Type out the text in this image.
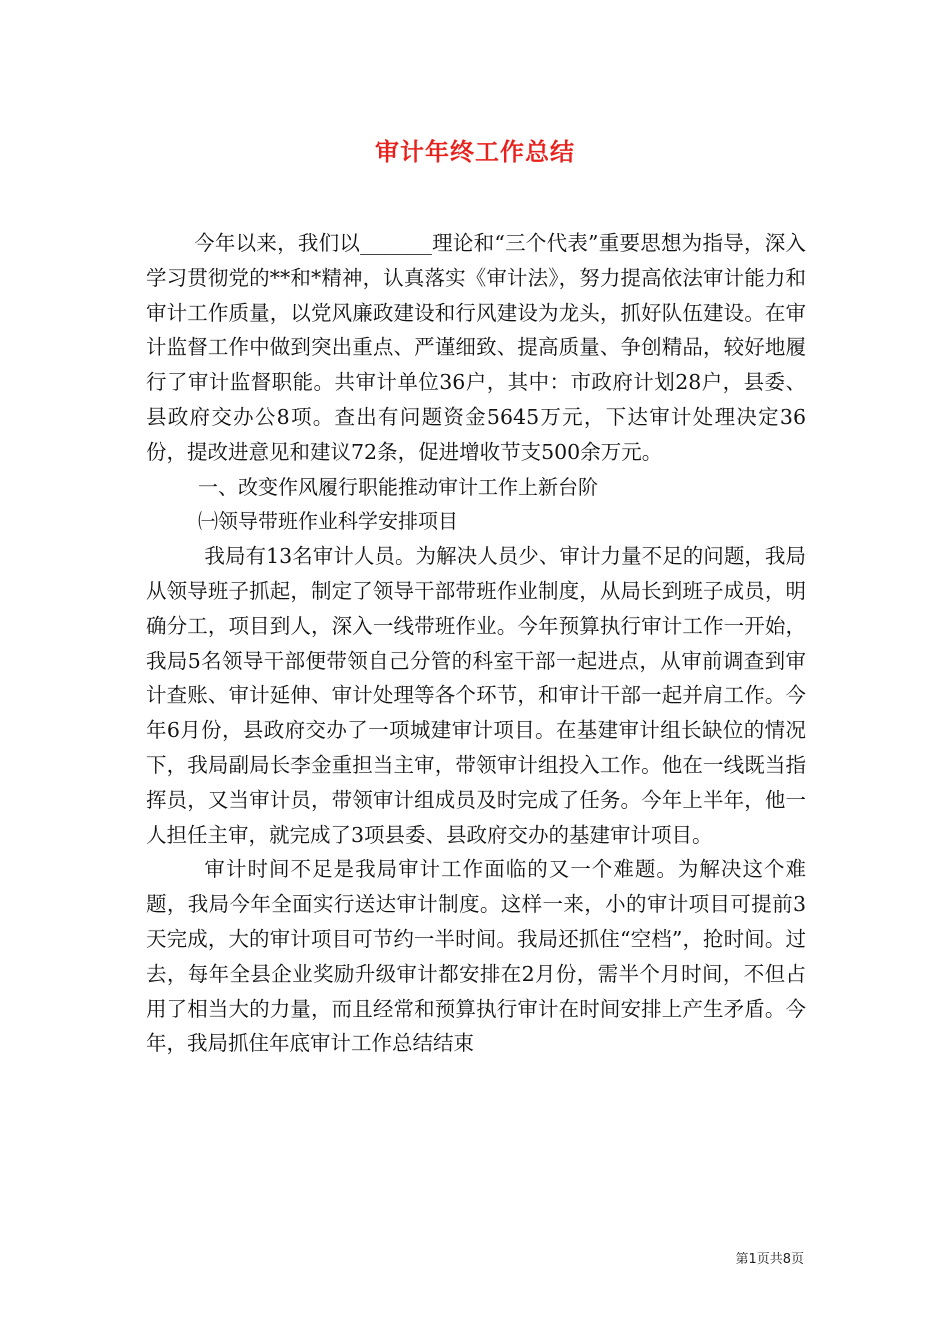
审计年终工作总结

今年以来，我们以_______理论和“三个代表”重要思想为指导，深入学习贯彻党的**和*精神，认真落实《审计法》，努力提高依法审计能力和审计工作质量，以党风廉政建设和行风建设为龙头，抓好队伍建设。在审计监督工作中做到突出重点、严谨细致、提高质量、争创精品，较好地履行了审计监督职能。共审计单位36户，其中：市政府计划28户，县委、县政府交办公8项。查出有问题资金5645万元，下达审计处理决定36份，提改进意见和建议72条，促进增收节支500余万元。

一、改变作风履行职能推动审计工作上新台阶

㈠领导带班作业科学安排项目

我局有13名审计人员。为解决人员少、审计力量不足的问题，我局从领导班子抓起，制定了领导干部带班作业制度，从局长到班子成员，明确分工，项目到人，深入一线带班作业。今年预算执行审计工作一开始，我局5名领导干部便带领自己分管的科室干部一起进点，从审前调查到审计查账、审计延伸、审计处理等各个环节，和审计干部一起并肩工作。今年6月份，县政府交办了一项城建审计项目。在基建审计组长缺位的情况下，我局副局长李金重担当主审，带领审计组投入工作。他在一线既当指挥员，又当审计员，带领审计组成员及时完成了任务。今年上半年，他一人担任主审，就完成了3项县委、县政府交办的基建审计项目。

审计时间不足是我局审计工作面临的又一个难题。为解决这个难题，我局今年全面实行送达审计制度。这样一来，小的审计项目可提前3天完成，大的审计项目可节约一半时间。我局还抓住“空档”，抢时间。过去，每年全县企业奖励升级审计都安排在2月份，需半个月时间，不但占用了相当大的力量，而且经常和预算执行审计在时间安排上产生矛盾。今年，我局抓住年底审计工作总结结束

第1页共8页
